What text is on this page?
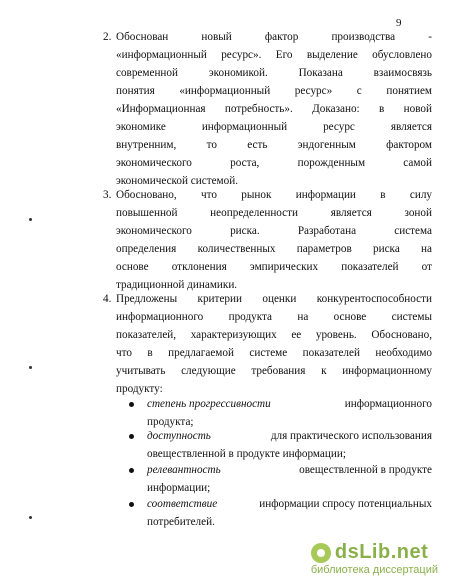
9
2. Обоснован новый фактор производства -
«информационный ресурс». Его выделение обусловлено
современной экономикой. Показана взаимосвязь
понятия «информационный ресурс» с понятием
«Информационная потребность». Доказано: в новой
экономике информационный ресурс является
внутренним, то есть эндогенным фактором
экономического роста, порожденным самой
экономической системой.
3. Обосновано, что рынок информации в силу
повышенной неопределенности является зоной
экономического риска. Разработана система
определения количественных параметров риска на
основе отклонения эмпирических показателей от
традиционной динамики.
4. Предложены критерии оценки конкурентоспособности
информационного продукта на основе системы
показателей, характеризующих ее уровень. Обосновано,
что в предлагаемой системе показателей необходимо
учитывать следующие требования к информационному
продукту:
степень прогрессивности	информационного
продукта;
доступность	для практического использования
овеществленной в продукте информации;
релевантность	овеществленной в продукте
информации;
соответствие	информации спросу потенциальных
потребителей.
dsLib.net
библиотека диссертаций
